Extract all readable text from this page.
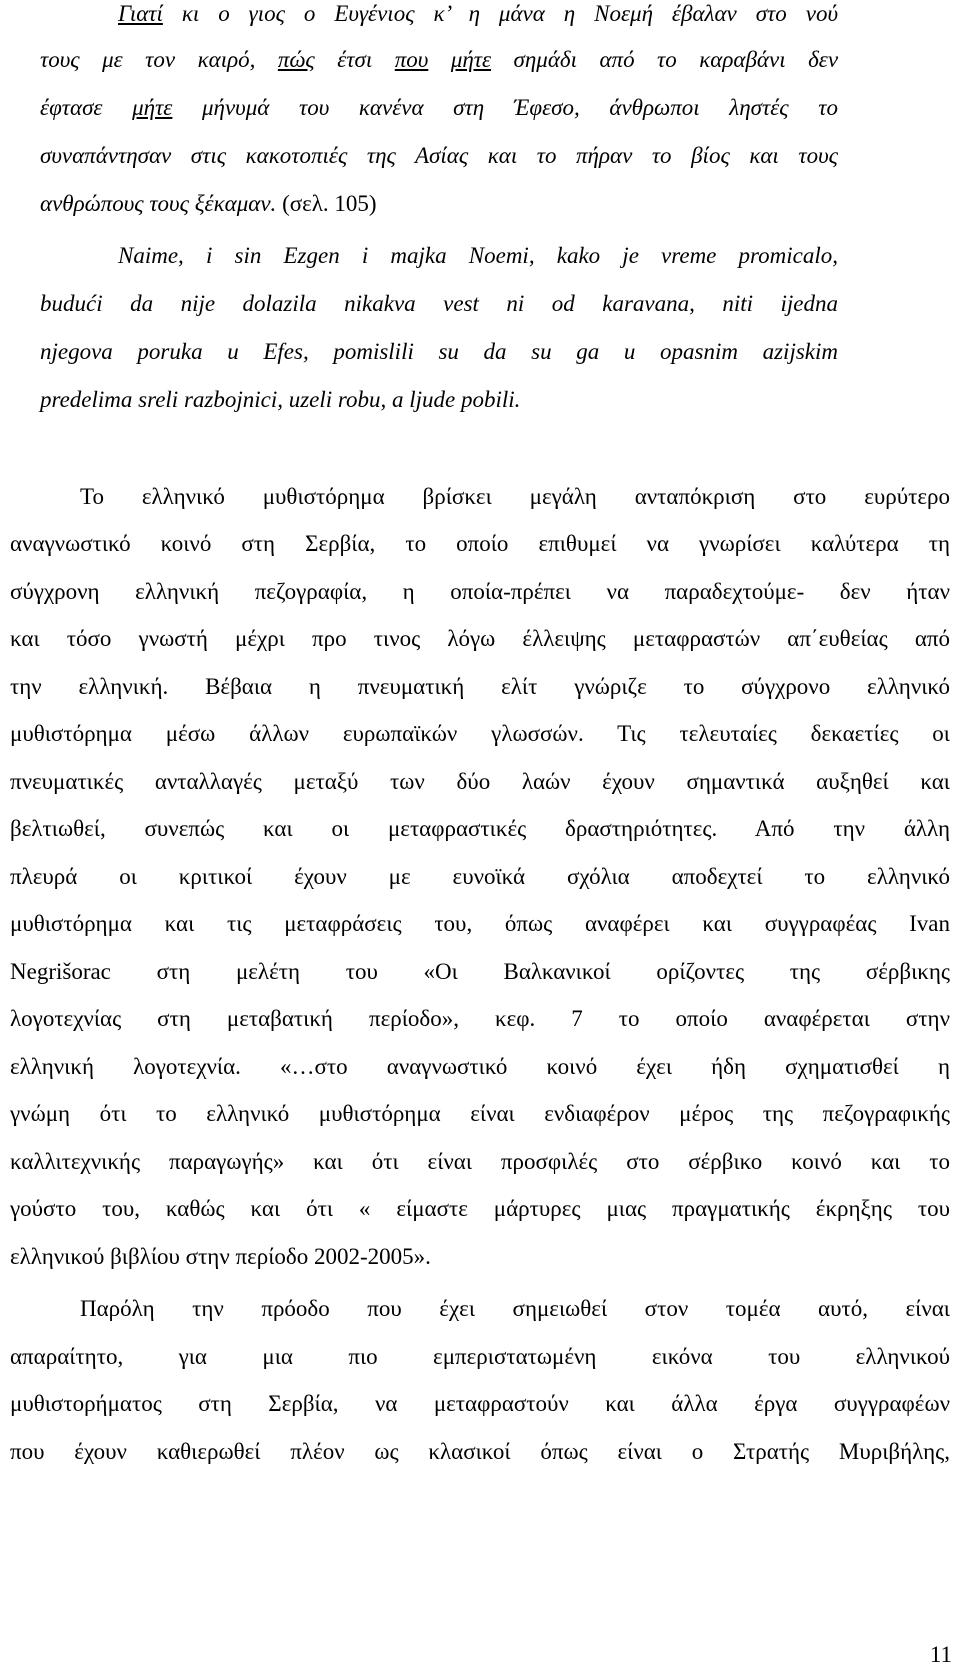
Γιατί κι ο γιος ο Ευγένιος κ’ η μάνα η Νοεμή έβαλαν στο νού
τους με τον καιρό, πώς έτσι που μήτε σημάδι από το καραβάνι δεν
έφτασε μήτε μήνυμά του κανένα στη Έφεσο, άνθρωποι ληστές το
συναπάντησαν στις κακοτοπιές της Ασίας και το πήραν το βίος και τους
ανθρώπους τους ξέκαμαν. (σελ. 105)
Naime, i sin Ezgen i majka Noemi, kako je vreme promicalo,
budući da nije dolazila nikakva vest ni od karavana, niti ijedna
njegova poruka u Efes, pomislili su da su ga u opasnim azijskim
predelima sreli razbojnici, uzeli robu, a ljude pobili.
Το ελληνικό μυθιστόρημα βρίσκει μεγάλη ανταπόκριση στο ευρύτερο
αναγνωστικό κοινό στη Σερβία, το οποίο επιθυμεί να γνωρίσει καλύτερα τη
σύγχρονη ελληνική πεζογραφία, η οποία-πρέπει να παραδεχτούμε- δεν ήταν
και τόσο γνωστή μέχρι προ τινος λόγω έλλειψης μεταφραστών απ΄ευθείας από
την ελληνική. Βέβαια η πνευματική ελίτ γνώριζε το σύγχρονο ελληνικό
μυθιστόρημα μέσω άλλων ευρωπαϊκών γλωσσών. Τις τελευταίες δεκαετίες οι
πνευματικές ανταλλαγές μεταξύ των δύο λαών έχουν σημαντικά αυξηθεί και
βελτιωθεί, συνεπώς και οι μεταφραστικές δραστηριότητες. Από την άλλη
πλευρά οι κριτικοί έχουν με ευνοϊκά σχόλια αποδεχτεί το ελληνικό
μυθιστόρημα και τις μεταφράσεις του, όπως αναφέρει και συγγραφέας Ivan
Negrišorac στη μελέτη του «Οι Βαλκανικοί ορίζοντες της σέρβικης
λογοτεχνίας στη μεταβατική περίοδο», κεφ. 7 το οποίο αναφέρεται στην
ελληνική λογοτεχνία. «…στο αναγνωστικό κοινό έχει ήδη σχηματισθεί η
γνώμη ότι το ελληνικό μυθιστόρημα είναι ενδιαφέρον μέρος της πεζογραφικής
καλλιτεχνικής παραγωγής» και ότι είναι προσφιλές στο σέρβικο κοινό και το
γούστο του, καθώς και ότι « είμαστε μάρτυρες μιας πραγματικής έκρηξης του
ελληνικού βιβλίου στην περίοδο 2002-2005».
Παρόλη την πρόοδο που έχει σημειωθεί στον τομέα αυτό, είναι
απαραίτητο, για μια πιο εμπεριστατωμένη εικόνα του ελληνικού
μυθιστορήματος στη Σερβία, να μεταφραστούν και άλλα έργα συγγραφέων
που έχουν καθιερωθεί πλέον ως κλασικοί όπως είναι ο Στρατής Μυριβήλης,
11
